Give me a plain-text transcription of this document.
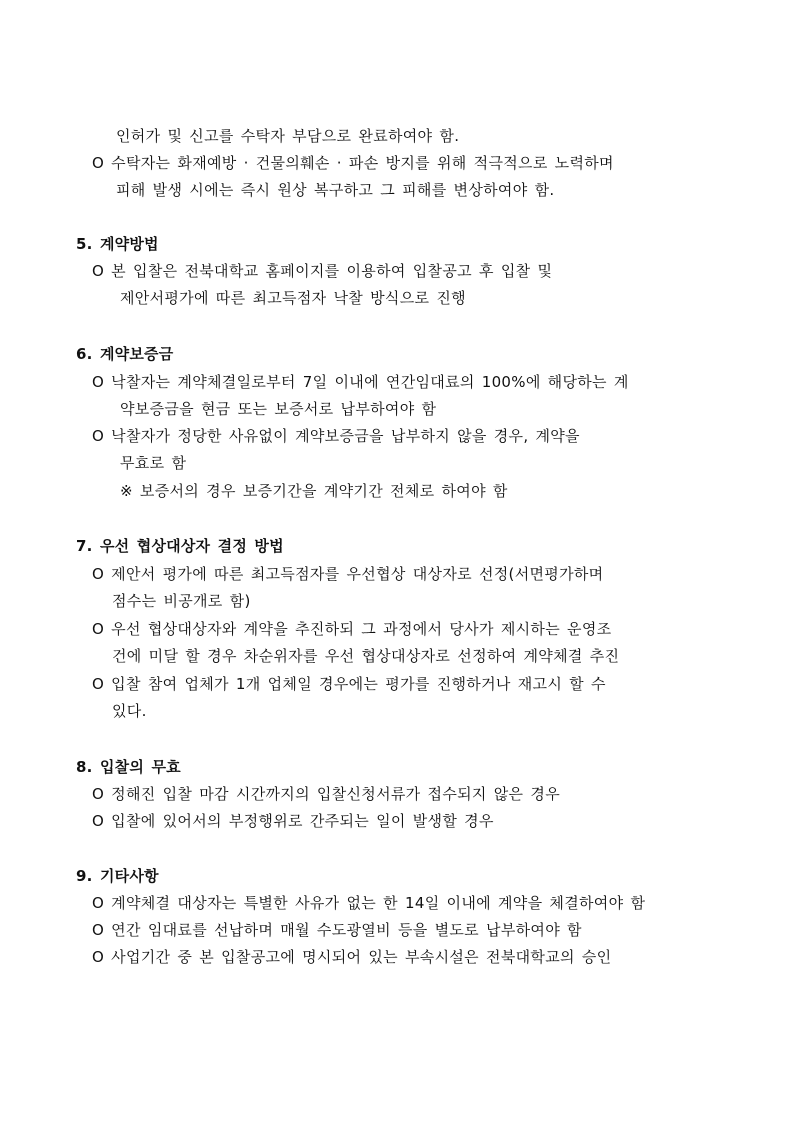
인허가 및 신고를 수탁자 부담으로 완료하여야 함.
O 수탁자는 화재예방 · 건물의훼손 · 파손 방지를 위해 적극적으로 노력하며
피해 발생 시에는 즉시 원상 복구하고 그 피해를 변상하여야 함.
5. 계약방법
O 본 입찰은 전북대학교 홈페이지를 이용하여 입찰공고 후 입찰 및
제안서평가에 따른 최고득점자 낙찰 방식으로 진행
6. 계약보증금
O 낙찰자는 계약체결일로부터 7일 이내에 연간임대료의 100%에 해당하는 계
약보증금을 현금 또는 보증서로 납부하여야 함
O 낙찰자가 정당한 사유없이 계약보증금을 납부하지 않을 경우, 계약을
무효로 함
※ 보증서의 경우 보증기간을 계약기간 전체로 하여야 함
7. 우선 협상대상자 결정 방법
O 제안서 평가에 따른 최고득점자를 우선협상 대상자로 선정(서면평가하며
점수는 비공개로 함)
O 우선 협상대상자와 계약을 추진하되 그 과정에서 당사가 제시하는 운영조
건에 미달 할 경우 차순위자를 우선 협상대상자로 선정하여 계약체결 추진
O 입찰 참여 업체가 1개 업체일 경우에는 평가를 진행하거나 재고시 할 수
있다.
8. 입찰의 무효
O 정해진 입찰 마감 시간까지의 입찰신청서류가 접수되지 않은 경우
O 입찰에 있어서의 부정행위로 간주되는 일이 발생할 경우
9. 기타사항
O 계약체결 대상자는 특별한 사유가 없는 한 14일 이내에 계약을 체결하여야 함
O 연간 임대료를 선납하며 매월 수도광열비 등을 별도로 납부하여야 함
O 사업기간 중 본 입찰공고에 명시되어 있는 부속시설은 전북대학교의 승인
